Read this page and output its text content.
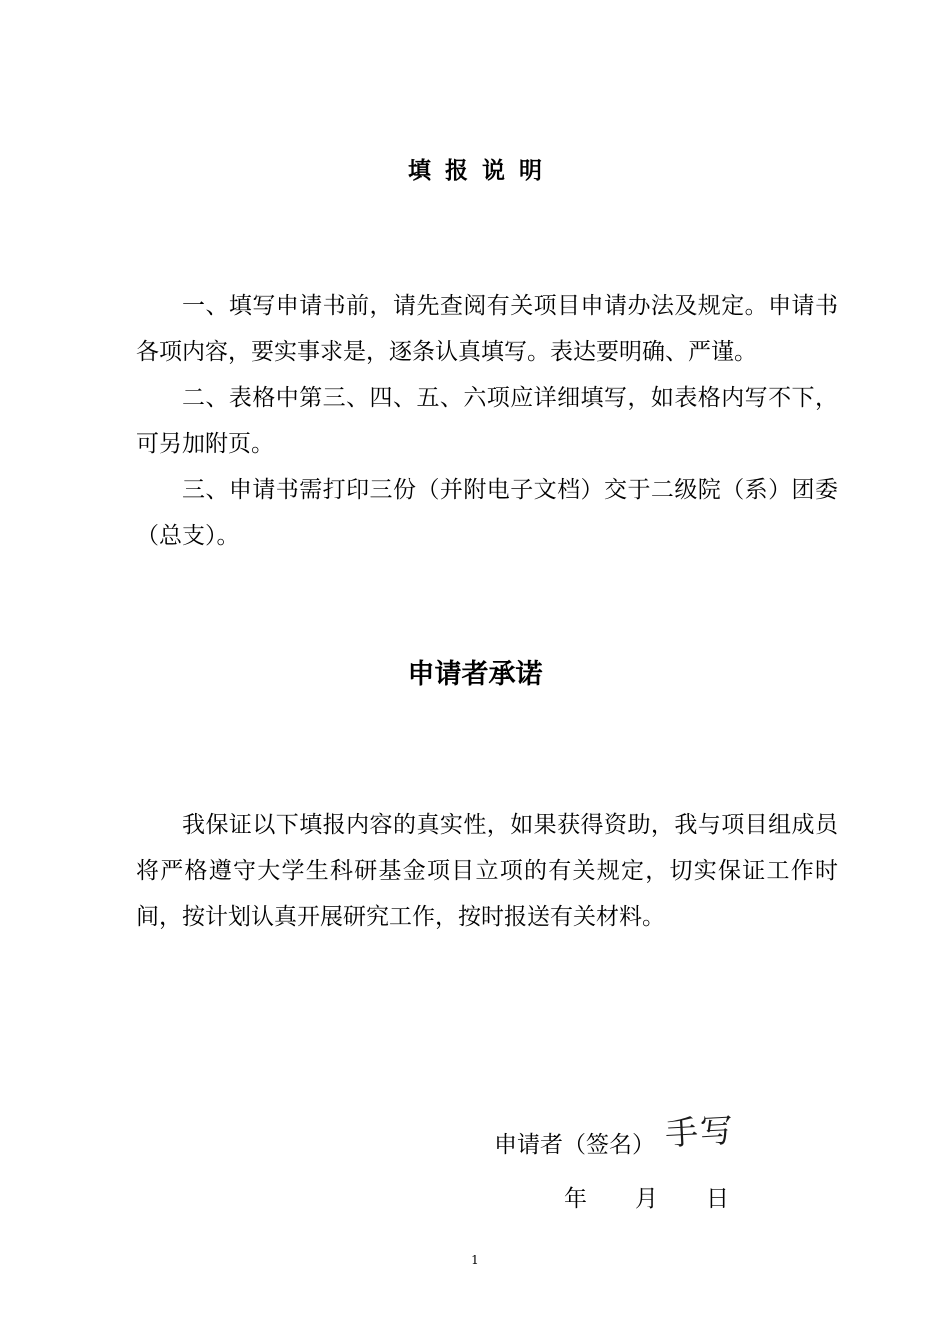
填报说明

一、填写申请书前，请先查阅有关项目申请办法及规定。申请书各项内容，要实事求是，逐条认真填写。表达要明确、严谨。

二、表格中第三、四、五、六项应详细填写，如表格内写不下，可另加附页。

三、申请书需打印三份（并附电子文档）交于二级院（系）团委（总支）。

申请者承诺

我保证以下填报内容的真实性，如果获得资助，我与项目组成员将严格遵守大学生科研基金项目立项的有关规定，切实保证工作时间，按计划认真开展研究工作，按时报送有关材料。

申请者（签名） 手写
年 月 日
1
